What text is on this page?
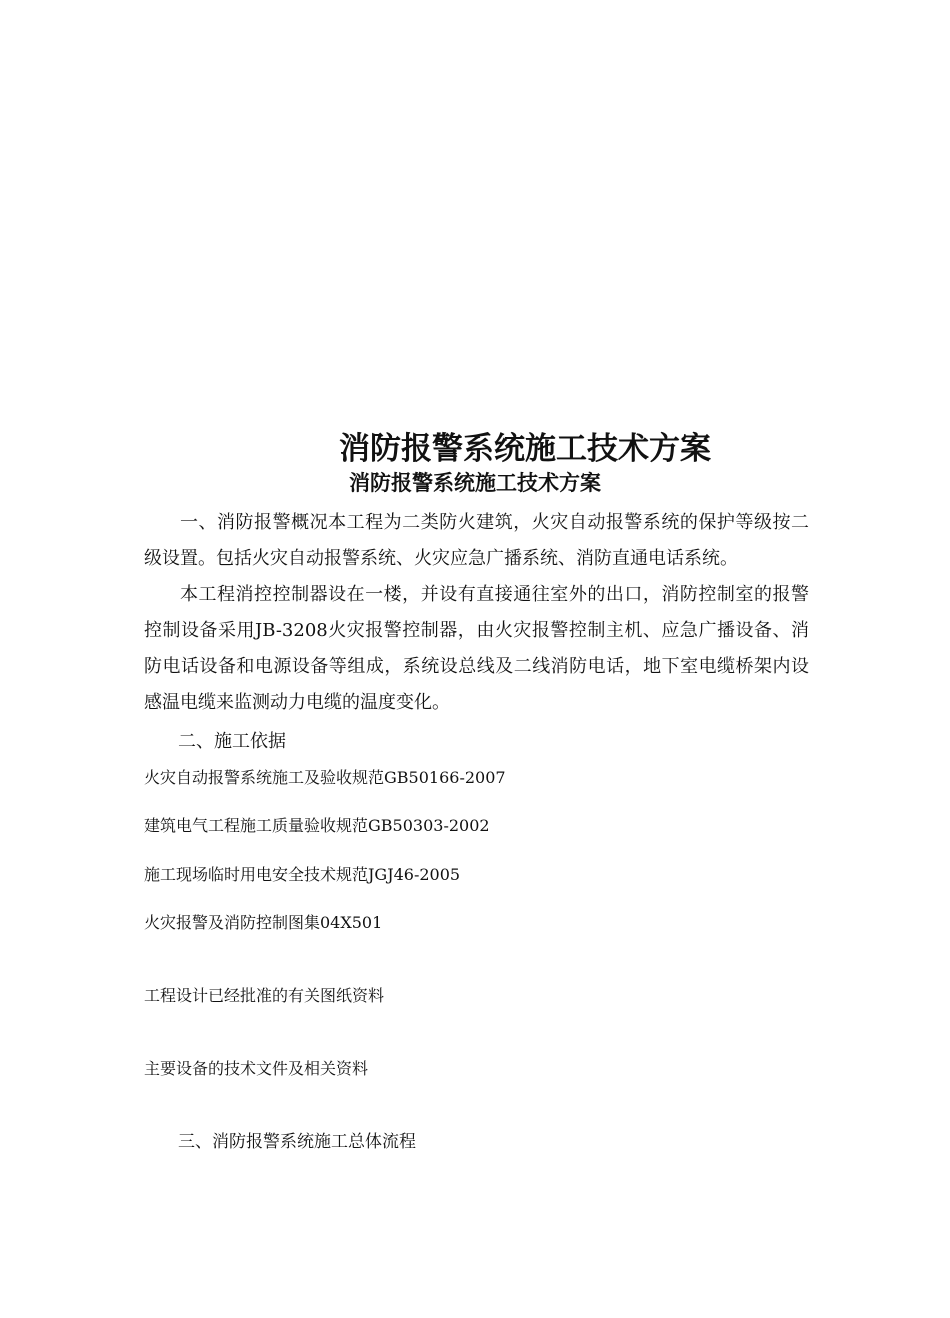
消防报警系统施工技术方案
消防报警系统施工技术方案

一、消防报警概况本工程为二类防火建筑，火灾自动报警系统的保护等级按二级设置。包括火灾自动报警系统、火灾应急广播系统、消防直通电话系统。

本工程消控控制器设在一楼，并设有直接通往室外的出口，消防控制室的报警控制设备采用JB-3208火灾报警控制器，由火灾报警控制主机、应急广播设备、消防电话设备和电源设备等组成，系统设总线及二线消防电话，地下室电缆桥架内设感温电缆来监测动力电缆的温度变化。

二、施工依据
火灾自动报警系统施工及验收规范GB50166-2007
建筑电气工程施工质量验收规范GB50303-2002
施工现场临时用电安全技术规范JGJ46-2005
火灾报警及消防控制图集04X501
工程设计已经批准的有关图纸资料
主要设备的技术文件及相关资料
三、消防报警系统施工总体流程
